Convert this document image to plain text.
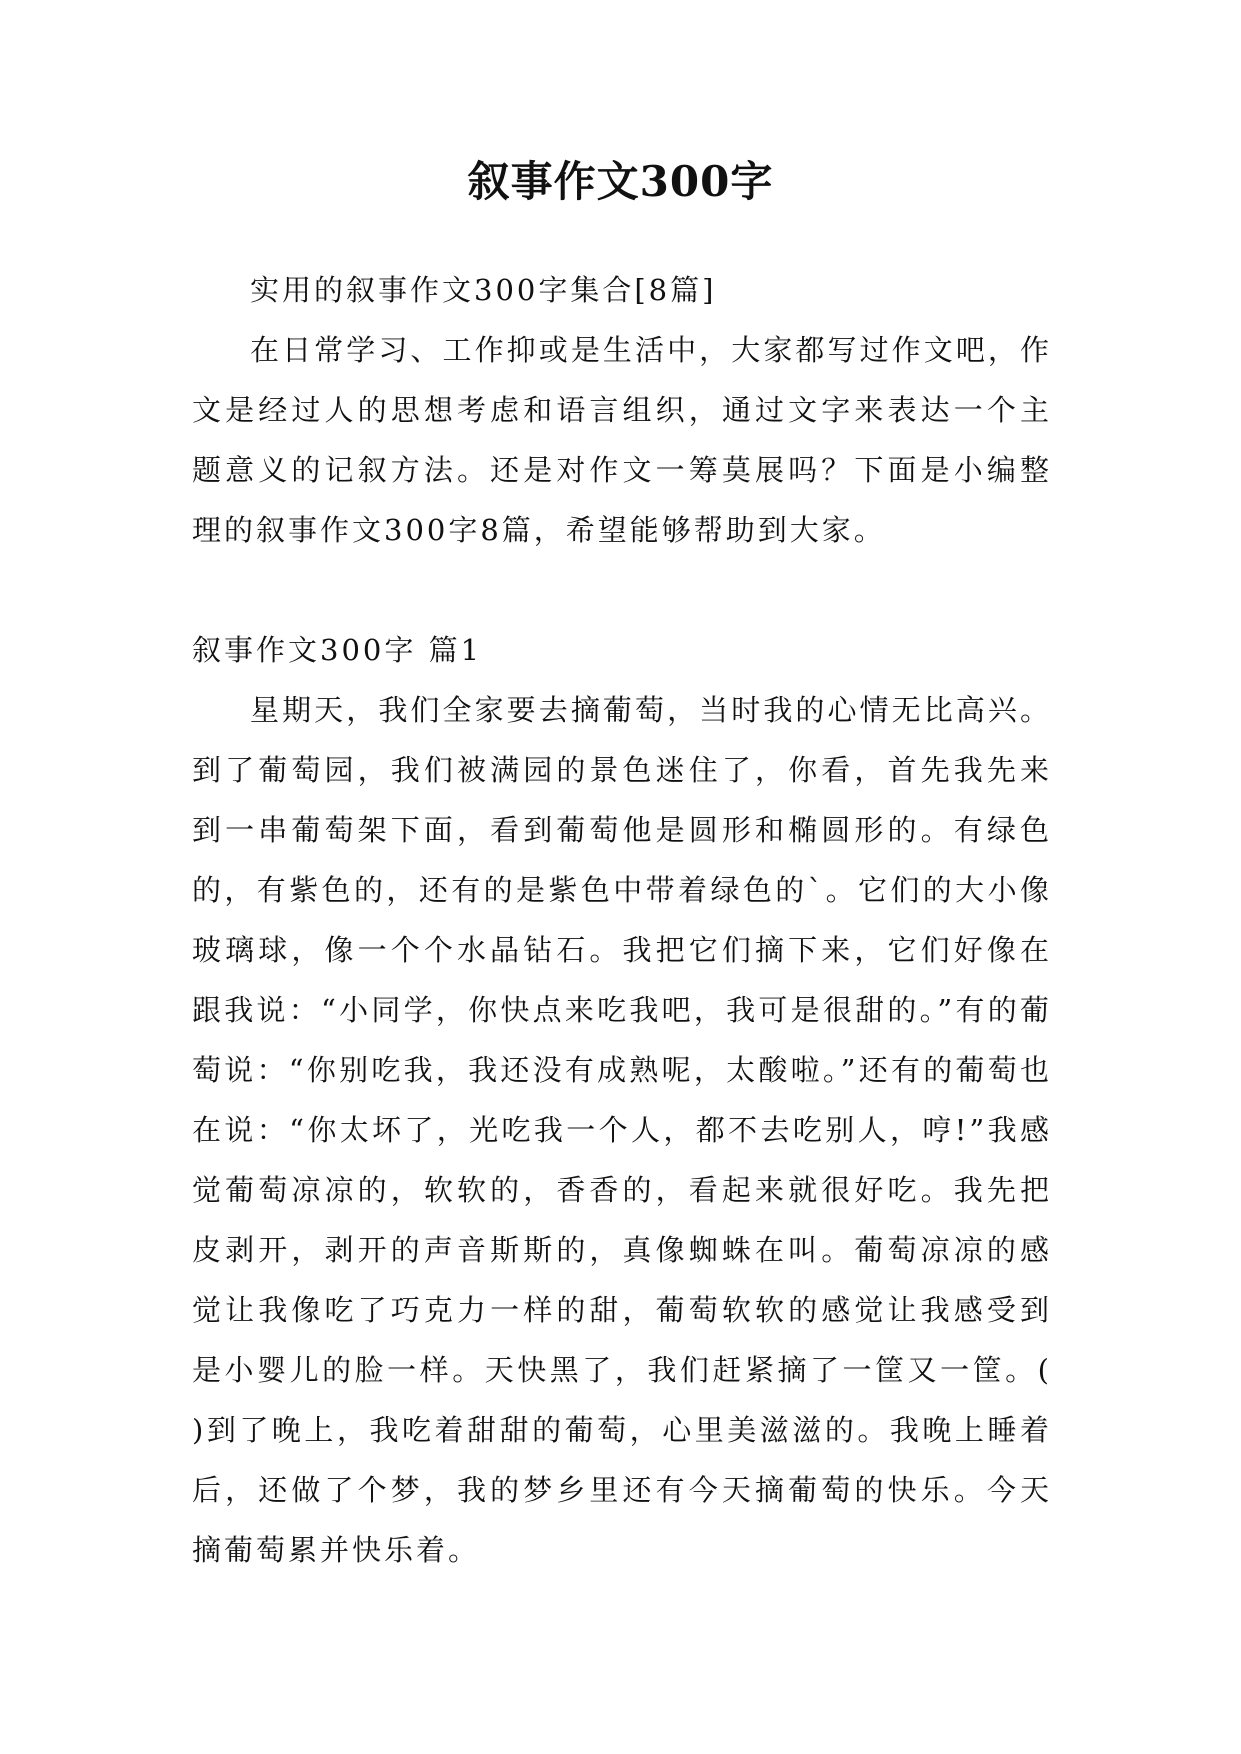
叙事作文300字

实用的叙事作文300字集合[8篇]

在日常学习、工作抑或是生活中，大家都写过作文吧，作文是经过人的思想考虑和语言组织，通过文字来表达一个主题意义的记叙方法。还是对作文一筹莫展吗？下面是小编整理的叙事作文300字8篇，希望能够帮助到大家。

叙事作文300字 篇1

星期天，我们全家要去摘葡萄，当时我的心情无比高兴。到了葡萄园，我们被满园的景色迷住了，你看，首先我先来到一串葡萄架下面，看到葡萄他是圆形和椭圆形的。有绿色的，有紫色的，还有的是紫色中带着绿色的`。它们的大小像玻璃球，像一个个水晶钻石。我把它们摘下来，它们好像在跟我说：“小同学，你快点来吃我吧，我可是很甜的。”有的葡萄说：“你别吃我，我还没有成熟呢，太酸啦。”还有的葡萄也在说：“你太坏了，光吃我一个人，都不去吃别人，哼!”我感觉葡萄凉凉的，软软的，香香的，看起来就很好吃。我先把皮剥开，剥开的声音斯斯的，真像蜘蛛在叫。葡萄凉凉的感觉让我像吃了巧克力一样的甜，葡萄软软的感觉让我感受到是小婴儿的脸一样。天快黑了，我们赶紧摘了一筐又一筐。( )到了晚上，我吃着甜甜的葡萄，心里美滋滋的。我晚上睡着后，还做了个梦，我的梦乡里还有今天摘葡萄的快乐。今天摘葡萄累并快乐着。
